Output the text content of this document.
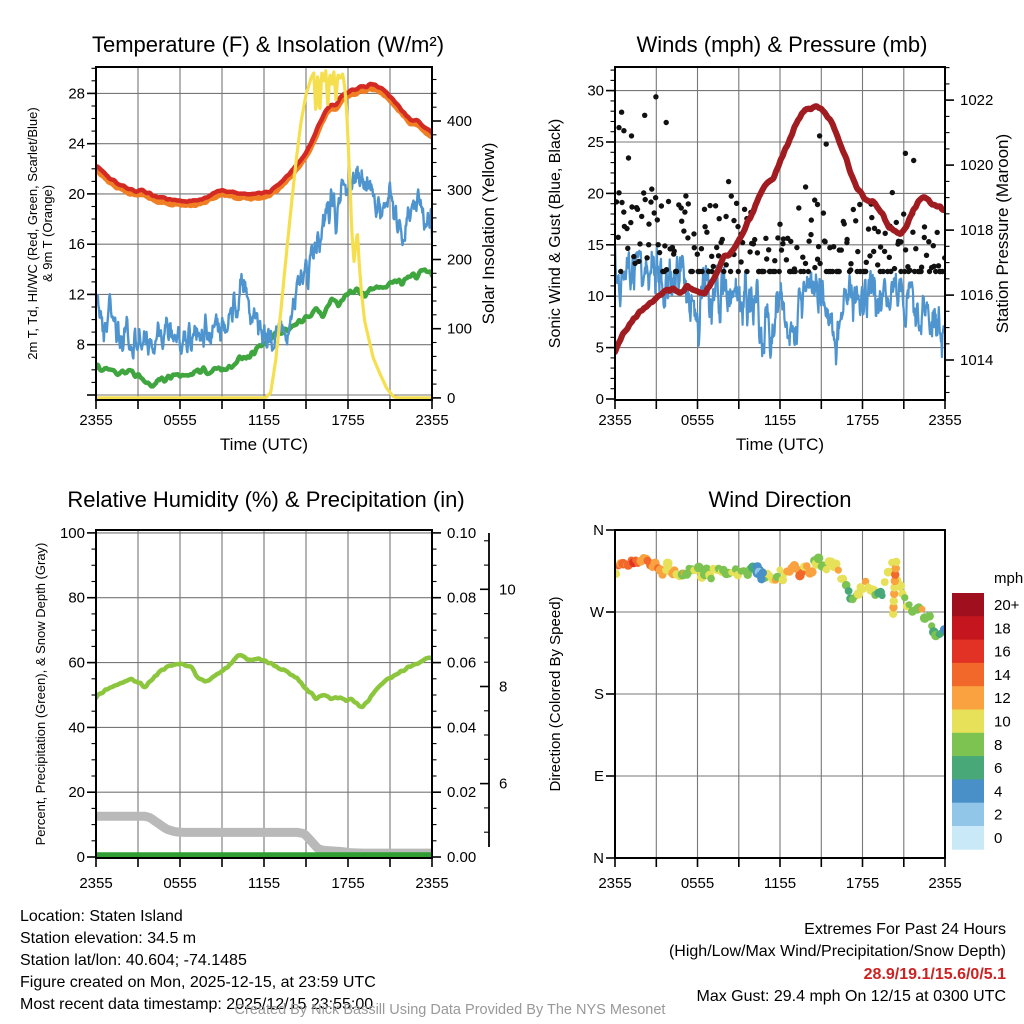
2355	0555	1155	1755	2355
8
12
16
20
24
28
0
100
200
300
400
Temperature (F) & Insolation (W/m²)
2m T, Td, HI/WC (Red, Green, Scarlet/Blue) & 9m T (Orange)	Solar Insolation (Yellow)
Time (UTC)
2355	0555	1155	1755	2355
0
5
10
15
20
25
30
1014
1016
1018
1020
1022
Winds (mph) & Pressure (mb)
Sonic Wind & Gust (Blue, Black)	Station Pressure (Maroon)
Time (UTC)
2355	0555	1155	1755	2355
0
20
40
60
80
100
0.00
0.02
0.04
0.06
0.08
0.10
6
8
10
Relative Humidity (%) & Precipitation (in)
Percent, Precipitation (Green), & Snow Depth (Gray)
2355	0555	1155	1755	2355
N
W
S
E
N
Wind Direction
Direction (Colored By Speed)
mph
20+
18
16
14
12
10
8
6
4
2
0
Location: Staten Island
Station elevation: 34.5 m
Station lat/lon: 40.604; -74.1485
Figure created on Mon, 2025-12-15, at 23:59 UTC
Most recent data timestamp: 2025/12/15 23:55:00
Extremes For Past 24 Hours
(High/Low/Max Wind/Precipitation/Snow Depth)
28.9/19.1/15.6/0/5.1
Max Gust: 29.4 mph On 12/15 at 0300 UTC
Created By Nick Bassill Using Data Provided By The NYS Mesonet
